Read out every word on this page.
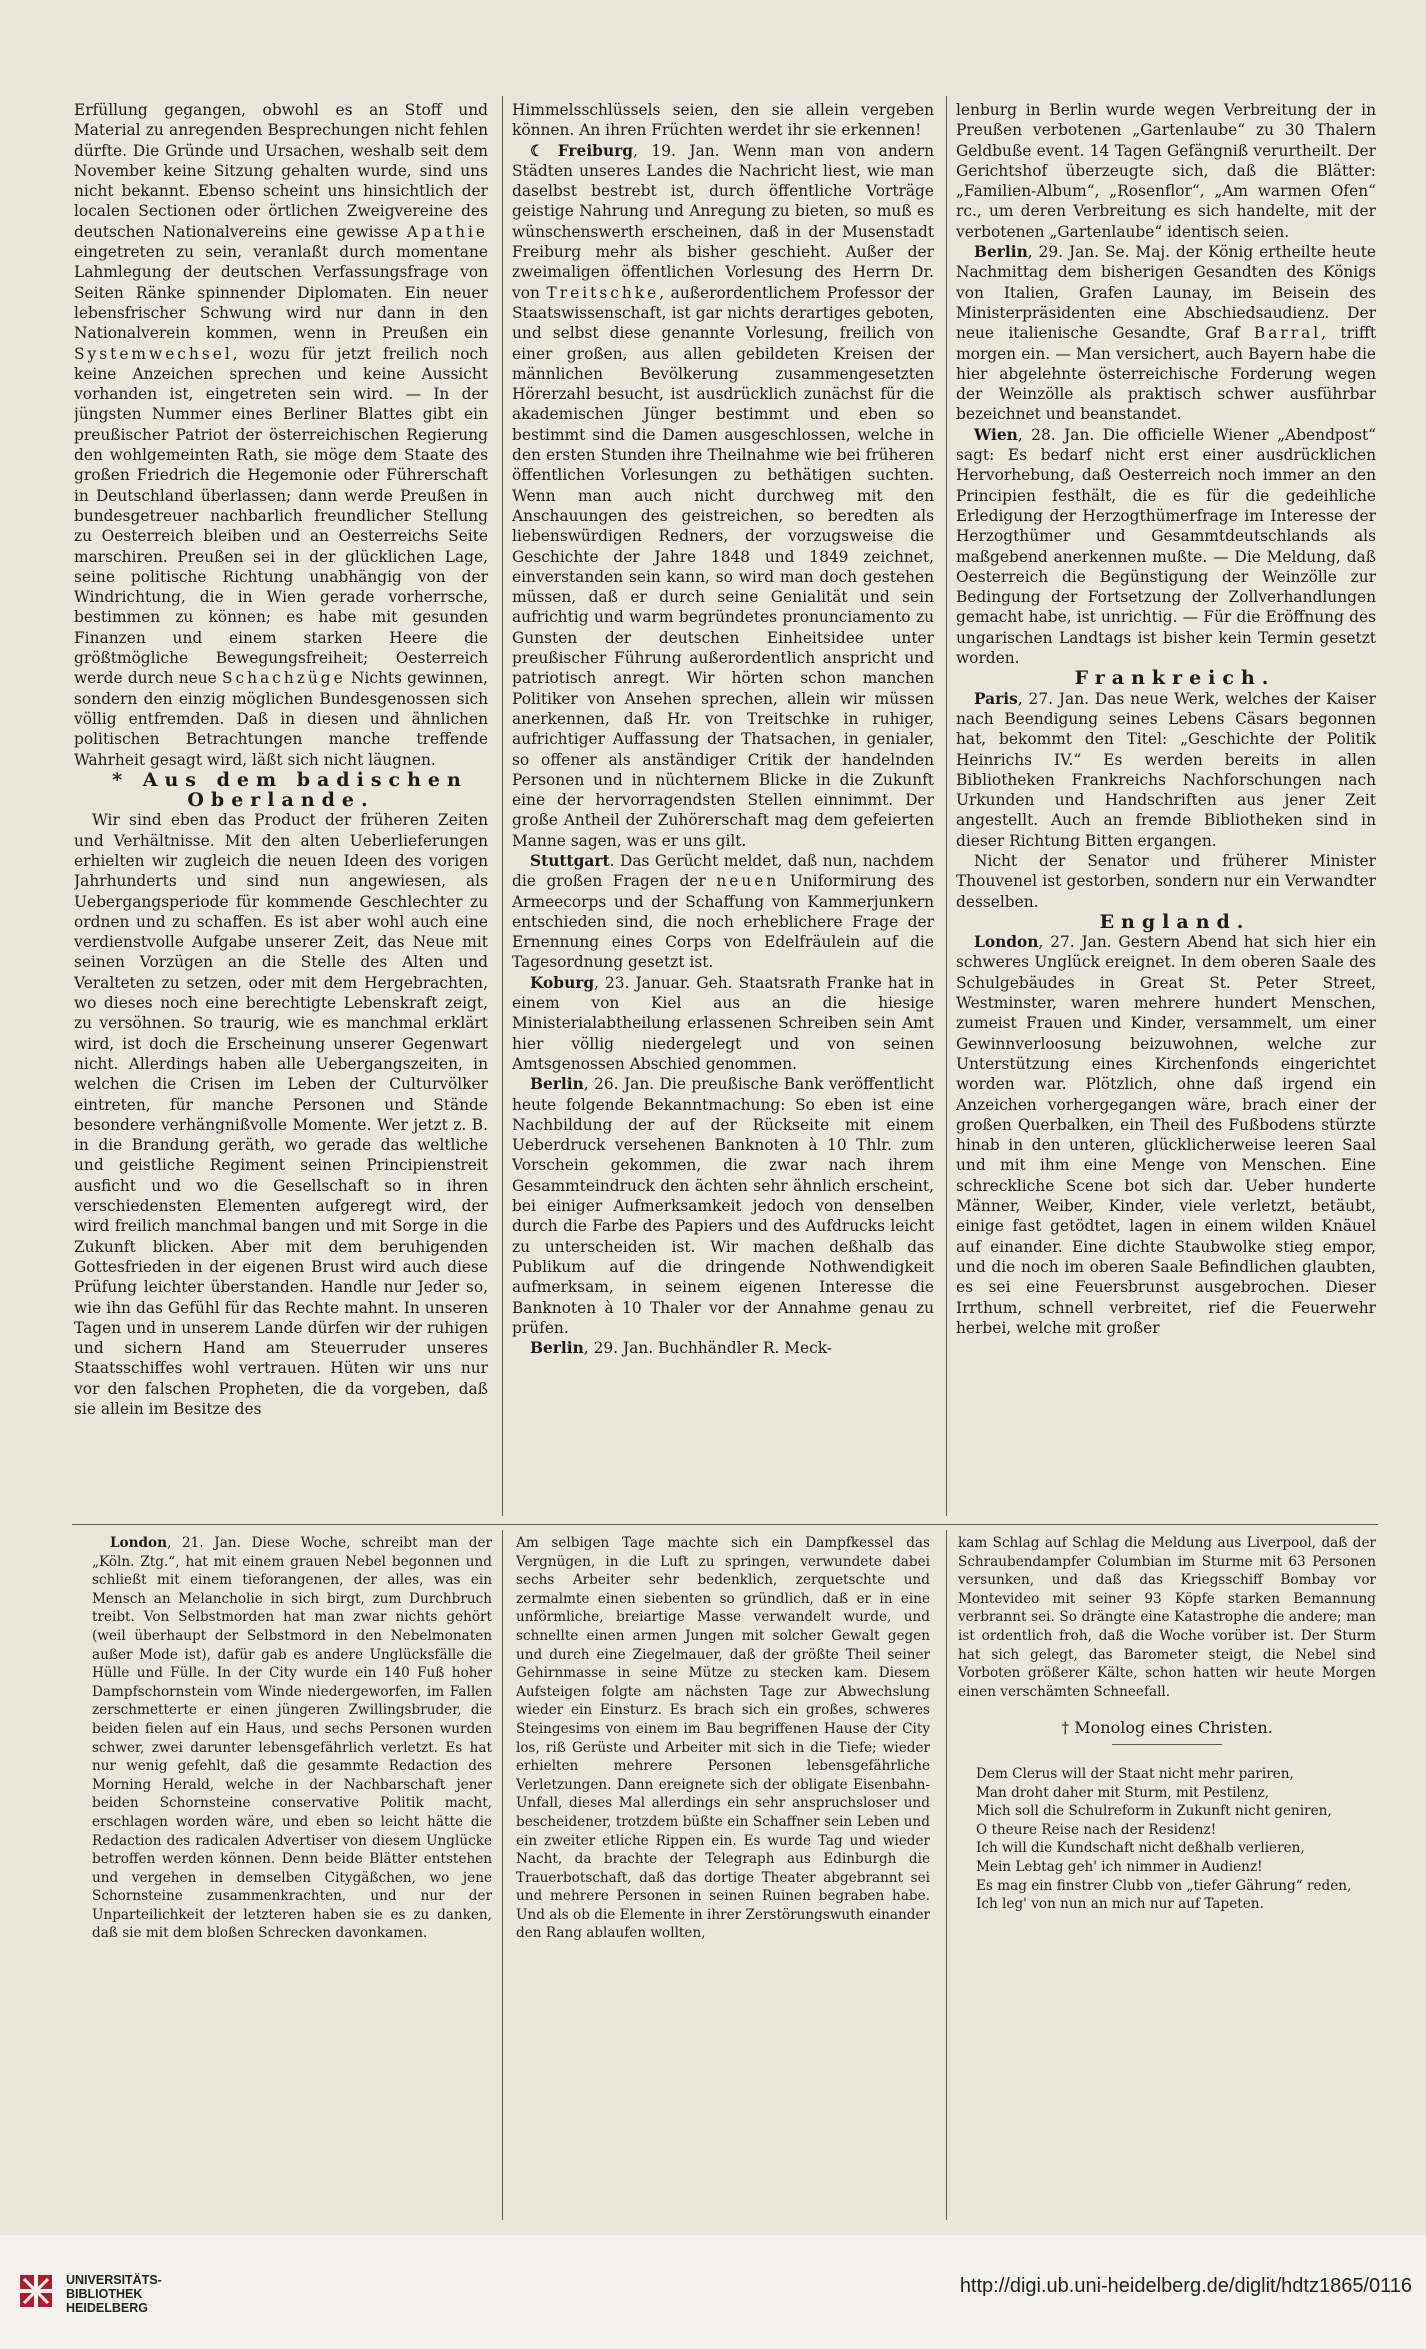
Erfüllung gegangen, obwohl es an Stoff und Material zu anregenden Besprechungen nicht fehlen dürfte. Die Gründe und Ursachen, weshalb seit dem November keine Sitzung gehalten wurde, sind uns nicht bekannt. Ebenso scheint uns hinsichtlich der localen Sectionen oder örtlichen Zweigvereine des deutschen Nationalvereins eine gewisse Apathie eingetreten zu sein, veranlaßt durch momentane Lahmlegung der deutschen Verfassungsfrage von Seiten Ränke spinnender Diplomaten. Ein neuer lebensfrischer Schwung wird nur dann in den Nationalverein kommen, wenn in Preußen ein Systemwechsel, wozu für jetzt freilich noch keine Anzeichen sprechen und keine Aussicht vorhanden ist, eingetreten sein wird. — In der jüngsten Nummer eines Berliner Blattes gibt ein preußischer Patriot der österreichischen Regierung den wohlgemeinten Rath, sie möge dem Staate des großen Friedrich die Hegemonie oder Führerschaft in Deutschland überlassen; dann werde Preußen in bundesgetreuer nachbarlich freundlicher Stellung zu Oesterreich bleiben und an Oesterreichs Seite marschiren. Preußen sei in der glücklichen Lage, seine politische Richtung unabhängig von der Windrichtung, die in Wien gerade vorherrsche, bestimmen zu können; es habe mit gesunden Finanzen und einem starken Heere die größtmögliche Bewegungsfreiheit; Oesterreich werde durch neue Schachzüge Nichts gewinnen, sondern den einzig möglichen Bundesgenossen sich völlig entfremden. Daß in diesen und ähnlichen politischen Betrachtungen manche treffende Wahrheit gesagt wird, läßt sich nicht läugnen.

* Aus dem badischen Oberlande.

Wir sind eben das Product der früheren Zeiten und Verhältnisse. Mit den alten Ueberlieferungen erhielten wir zugleich die neuen Ideen des vorigen Jahrhunderts und sind nun angewiesen, als Uebergangsperiode für kommende Geschlechter zu ordnen und zu schaffen. Es ist aber wohl auch eine verdienstvolle Aufgabe unserer Zeit, das Neue mit seinen Vorzügen an die Stelle des Alten und Veralteten zu setzen, oder mit dem Hergebrachten, wo dieses noch eine berechtigte Lebenskraft zeigt, zu versöhnen. So traurig, wie es manchmal erklärt wird, ist doch die Erscheinung unserer Gegenwart nicht. Allerdings haben alle Uebergangszeiten, in welchen die Crisen im Leben der Culturvölker eintreten, für manche Personen und Stände besondere verhängnißvolle Momente. Wer jetzt z. B. in die Brandung geräth, wo gerade das weltliche und geistliche Regiment seinen Principienstreit ausficht und wo die Gesellschaft so in ihren verschiedensten Elementen aufgeregt wird, der wird freilich manchmal bangen und mit Sorge in die Zukunft blicken. Aber mit dem beruhigenden Gottesfrieden in der eigenen Brust wird auch diese Prüfung leichter überstanden. Handle nur Jeder so, wie ihn das Gefühl für das Rechte mahnt. In unseren Tagen und in unserem Lande dürfen wir der ruhigen und sichern Hand am Steuerruder unseres Staatsschiffes wohl vertrauen. Hüten wir uns nur vor den falschen Propheten, die da vorgeben, daß sie allein im Besitze des

Himmelsschlüssels seien, den sie allein vergeben können. An ihren Früchten werdet ihr sie erkennen!

☾ Freiburg, 19. Jan. Wenn man von andern Städten unseres Landes die Nachricht liest, wie man daselbst bestrebt ist, durch öffentliche Vorträge geistige Nahrung und Anregung zu bieten, so muß es wünschenswerth erscheinen, daß in der Musenstadt Freiburg mehr als bisher geschieht. Außer der zweimaligen öffentlichen Vorlesung des Herrn Dr. von Treitschke, außerordentlichem Professor der Staatswissenschaft, ist gar nichts derartiges geboten, und selbst diese genannte Vorlesung, freilich von einer großen, aus allen gebildeten Kreisen der männlichen Bevölkerung zusammengesetzten Hörerzahl besucht, ist ausdrücklich zunächst für die akademischen Jünger bestimmt und eben so bestimmt sind die Damen ausgeschlossen, welche in den ersten Stunden ihre Theilnahme wie bei früheren öffentlichen Vorlesungen zu bethätigen suchten. Wenn man auch nicht durchweg mit den Anschauungen des geistreichen, so beredten als liebenswürdigen Redners, der vorzugsweise die Geschichte der Jahre 1848 und 1849 zeichnet, einverstanden sein kann, so wird man doch gestehen müssen, daß er durch seine Genialität und sein aufrichtig und warm begründetes pronunciamento zu Gunsten der deutschen Einheitsidee unter preußischer Führung außerordentlich anspricht und patriotisch anregt. Wir hörten schon manchen Politiker von Ansehen sprechen, allein wir müssen anerkennen, daß Hr. von Treitschke in ruhiger, aufrichtiger Auffassung der Thatsachen, in genialer, so offener als anständiger Critik der handelnden Personen und in nüchternem Blicke in die Zukunft eine der hervorragendsten Stellen einnimmt. Der große Antheil der Zuhörerschaft mag dem gefeierten Manne sagen, was er uns gilt.

Stuttgart. Das Gerücht meldet, daß nun, nachdem die großen Fragen der neuen Uniformirung des Armeecorps und der Schaffung von Kammerjunkern entschieden sind, die noch erheblichere Frage der Ernennung eines Corps von Edelfräulein auf die Tagesordnung gesetzt ist.

Koburg, 23. Januar. Geh. Staatsrath Franke hat in einem von Kiel aus an die hiesige Ministerialabtheilung erlassenen Schreiben sein Amt hier völlig niedergelegt und von seinen Amtsgenossen Abschied genommen.

Berlin, 26. Jan. Die preußische Bank veröffentlicht heute folgende Bekanntmachung: So eben ist eine Nachbildung der auf der Rückseite mit einem Ueberdruck versehenen Banknoten à 10 Thlr. zum Vorschein gekommen, die zwar nach ihrem Gesammteindruck den ächten sehr ähnlich erscheint, bei einiger Aufmerksamkeit jedoch von denselben durch die Farbe des Papiers und des Aufdrucks leicht zu unterscheiden ist. Wir machen deßhalb das Publikum auf die dringende Nothwendigkeit aufmerksam, in seinem eigenen Interesse die Banknoten à 10 Thaler vor der Annahme genau zu prüfen.

Berlin, 29. Jan. Buchhändler R. Meck-

lenburg in Berlin wurde wegen Verbreitung der in Preußen verbotenen „Gartenlaube“ zu 30 Thalern Geldbuße event. 14 Tagen Gefängniß verurtheilt. Der Gerichtshof überzeugte sich, daß die Blätter: „Familien-Album“, „Rosenflor“, „Am warmen Ofen“ rc., um deren Verbreitung es sich handelte, mit der verbotenen „Gartenlaube“ identisch seien.

Berlin, 29. Jan. Se. Maj. der König ertheilte heute Nachmittag dem bisherigen Gesandten des Königs von Italien, Grafen Launay, im Beisein des Ministerpräsidenten eine Abschiedsaudienz. Der neue italienische Gesandte, Graf Barral, trifft morgen ein. — Man versichert, auch Bayern habe die hier abgelehnte österreichische Forderung wegen der Weinzölle als praktisch schwer ausführbar bezeichnet und beanstandet.

Wien, 28. Jan. Die officielle Wiener „Abendpost“ sagt: Es bedarf nicht erst einer ausdrücklichen Hervorhebung, daß Oesterreich noch immer an den Principien festhält, die es für die gedeihliche Erledigung der Herzogthümerfrage im Interesse der Herzogthümer und Gesammtdeutschlands als maßgebend anerkennen mußte. — Die Meldung, daß Oesterreich die Begünstigung der Weinzölle zur Bedingung der Fortsetzung der Zollverhandlungen gemacht habe, ist unrichtig. — Für die Eröffnung des ungarischen Landtags ist bisher kein Termin gesetzt worden.

Frankreich.

Paris, 27. Jan. Das neue Werk, welches der Kaiser nach Beendigung seines Lebens Cäsars begonnen hat, bekommt den Titel: „Geschichte der Politik Heinrichs IV.“ Es werden bereits in allen Bibliotheken Frankreichs Nachforschungen nach Urkunden und Handschriften aus jener Zeit angestellt. Auch an fremde Bibliotheken sind in dieser Richtung Bitten ergangen.

Nicht der Senator und früherer Minister Thouvenel ist gestorben, sondern nur ein Verwandter desselben.

England.

London, 27. Jan. Gestern Abend hat sich hier ein schweres Unglück ereignet. In dem oberen Saale des Schulgebäudes in Great St. Peter Street, Westminster, waren mehrere hundert Menschen, zumeist Frauen und Kinder, versammelt, um einer Gewinnverloosung beizuwohnen, welche zur Unterstützung eines Kirchenfonds eingerichtet worden war. Plötzlich, ohne daß irgend ein Anzeichen vorhergegangen wäre, brach einer der großen Querbalken, ein Theil des Fußbodens stürzte hinab in den unteren, glücklicherweise leeren Saal und mit ihm eine Menge von Menschen. Eine schreckliche Scene bot sich dar. Ueber hunderte Männer, Weiber, Kinder, viele verletzt, betäubt, einige fast getödtet, lagen in einem wilden Knäuel auf einander. Eine dichte Staubwolke stieg empor, und die noch im oberen Saale Befindlichen glaubten, es sei eine Feuersbrunst ausgebrochen. Dieser Irrthum, schnell verbreitet, rief die Feuerwehr herbei, welche mit großer

London, 21. Jan. Diese Woche, schreibt man der „Köln. Ztg.“, hat mit einem grauen Nebel begonnen und schließt mit einem tieforangenen, der alles, was ein Mensch an Melancholie in sich birgt, zum Durchbruch treibt. Von Selbstmorden hat man zwar nichts gehört (weil überhaupt der Selbstmord in den Nebelmonaten außer Mode ist), dafür gab es andere Unglücksfälle die Hülle und Fülle. In der City wurde ein 140 Fuß hoher Dampfschornstein vom Winde niedergeworfen, im Fallen zerschmetterte er einen jüngeren Zwillingsbruder, die beiden fielen auf ein Haus, und sechs Personen wurden schwer, zwei darunter lebensgefährlich verletzt. Es hat nur wenig gefehlt, daß die gesammte Redaction des Morning Herald, welche in der Nachbarschaft jener beiden Schornsteine conservative Politik macht, erschlagen worden wäre, und eben so leicht hätte die Redaction des radicalen Advertiser von diesem Unglücke betroffen werden können. Denn beide Blätter entstehen und vergehen in demselben Citygäßchen, wo jene Schornsteine zusammenkrachten, und nur der Unparteilichkeit der letzteren haben sie es zu danken, daß sie mit dem bloßen Schrecken davonkamen.

Am selbigen Tage machte sich ein Dampfkessel das Vergnügen, in die Luft zu springen, verwundete dabei sechs Arbeiter sehr bedenklich, zerquetschte und zermalmte einen siebenten so gründlich, daß er in eine unförmliche, breiartige Masse verwandelt wurde, und schnellte einen armen Jungen mit solcher Gewalt gegen und durch eine Ziegelmauer, daß der größte Theil seiner Gehirnmasse in seine Mütze zu stecken kam. Diesem Aufsteigen folgte am nächsten Tage zur Abwechslung wieder ein Einsturz. Es brach sich ein großes, schweres Steingesims von einem im Bau begriffenen Hause der City los, riß Gerüste und Arbeiter mit sich in die Tiefe; wieder erhielten mehrere Personen lebensgefährliche Verletzungen. Dann ereignete sich der obligate Eisenbahn-Unfall, dieses Mal allerdings ein sehr anspruchsloser und bescheidener, trotzdem büßte ein Schaffner sein Leben und ein zweiter etliche Rippen ein. Es wurde Tag und wieder Nacht, da brachte der Telegraph aus Edinburgh die Trauerbotschaft, daß das dortige Theater abgebrannt sei und mehrere Personen in seinen Ruinen begraben habe. Und als ob die Elemente in ihrer Zerstörungswuth einander den Rang ablaufen wollten,

kam Schlag auf Schlag die Meldung aus Liverpool, daß der Schraubendampfer Columbian im Sturme mit 63 Personen versunken, und daß das Kriegsschiff Bombay vor Montevideo mit seiner 93 Köpfe starken Bemannung verbrannt sei. So drängte eine Katastrophe die andere; man ist ordentlich froh, daß die Woche vorüber ist. Der Sturm hat sich gelegt, das Barometer steigt, die Nebel sind Vorboten größerer Kälte, schon hatten wir heute Morgen einen verschämten Schneefall.

† Monolog eines Christen.

Dem Clerus will der Staat nicht mehr pariren,

Man droht daher mit Sturm, mit Pestilenz,

Mich soll die Schulreform in Zukunft nicht geniren,

O theure Reise nach der Residenz!

Ich will die Kundschaft nicht deßhalb verlieren,

Mein Lebtag geh' ich nimmer in Audienz!

Es mag ein finstrer Clubb von „tiefer Gährung“ reden,

Ich leg' von nun an mich nur auf Tapeten.

UNIVERSITÄTS-
BIBLIOTHEK
HEIDELBERG
http://digi.ub.uni-heidelberg.de/diglit/hdtz1865/0116
